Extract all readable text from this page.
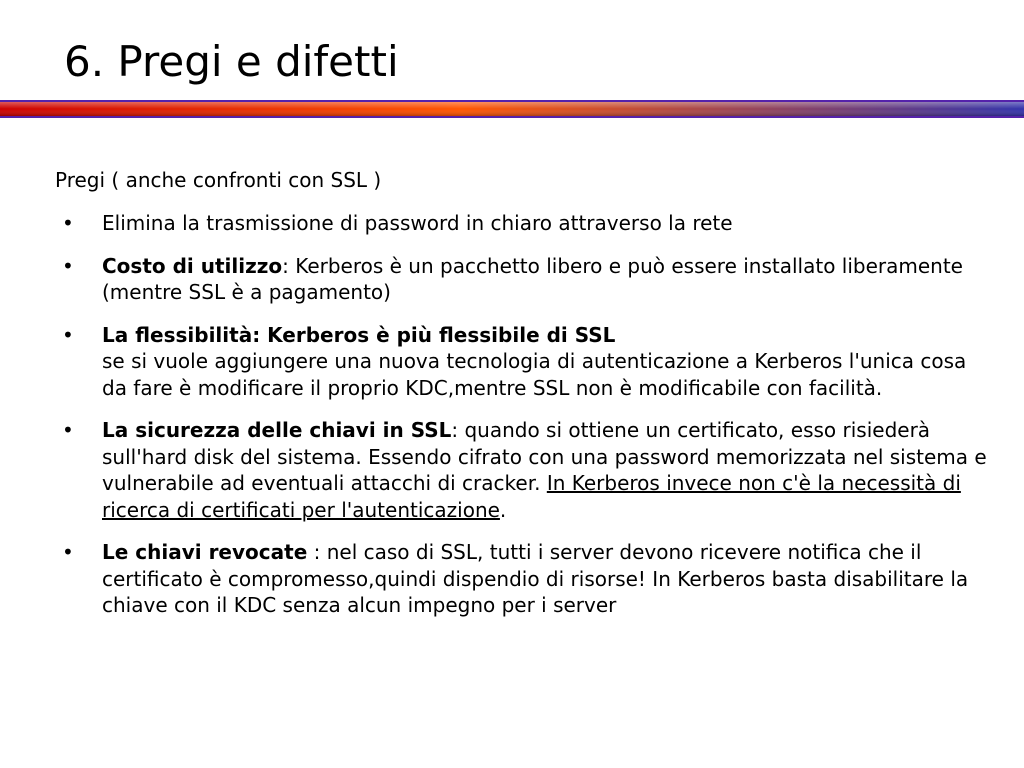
6. Pregi e difetti
Pregi ( anche confronti con SSL )
•	Elimina la trasmissione di password in chiaro attraverso la rete
•	Costo di utilizzo: Kerberos è un pacchetto libero e può essere installato liberamente (mentre SSL è a pagamento)
•	La flessibilità: Kerberos è più flessibile di SSL
se si vuole aggiungere una nuova tecnologia di autenticazione a Kerberos l'unica cosa da fare è modificare il proprio KDC,mentre SSL non è modificabile con facilità.
•	La sicurezza delle chiavi in SSL: quando si ottiene un certificato, esso risiederà sull'hard disk del sistema. Essendo cifrato con una password memorizzata nel sistema e vulnerabile ad eventuali attacchi di cracker. In Kerberos invece non c'è la necessità di ricerca di certificati per l'autenticazione.
•	Le chiavi revocate : nel caso di SSL, tutti i server devono ricevere notifica che il certificato è compromesso,quindi dispendio di risorse! In Kerberos basta disabilitare la chiave con il KDC senza alcun impegno per i server
